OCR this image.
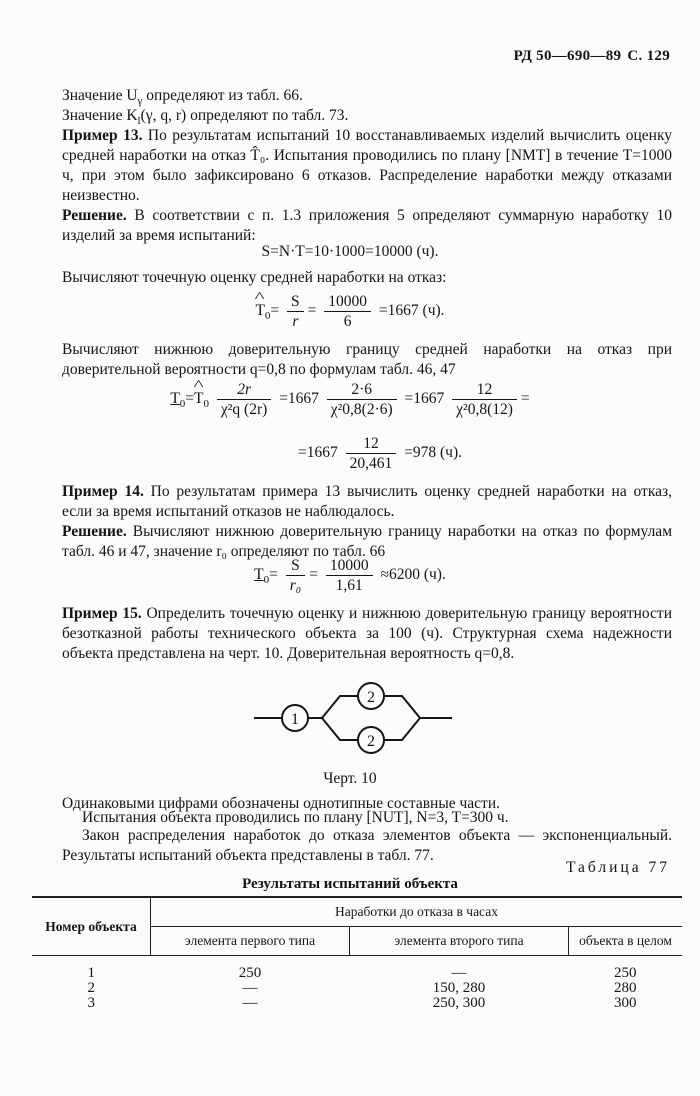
РД 50—690—89 С. 129
Значение $U_\gamma$ определяют из табл. 66.
Значение $K_l(\gamma$, q, r) определяют по табл. 73.
Пример 13. По результатам испытаний 10 восстанавливаемых изделий вычислить оценку средней наработки на отказ T̂₀. Испытания проводились по плану [NMT] в течение T=1000 ч, при этом было зафиксировано 6 отказов. Распределение наработки между отказами неизвестно.
Решение. В соответствии с п. 1.3 приложения 5 определяют суммарную наработку 10 изделий за время испытаний:
S=N·T=10·1000=10000 (ч).
Вычисляют точечную оценку средней наработки на отказ:
^ $T_0= \frac{S}{r} = \frac{10000}{6} =1667$ (ч).
Вычисляют нижнюю доверительную границу средней наработки на отказ при доверительной вероятности q=0,8 по формулам табл. 46, 47
$T_0=\^{}$ $T_0 \frac{2r}{\text{χ²q (2r)}} =1667 \frac{2\cdot 6}{\text{χ²0,8(2·6)}} =1667 \frac{12}{\text{χ²0,8(12)}}$ =
$=1667 \frac{12}{20,461} =978$ (ч).
Пример 14. По результатам примера 13 вычислить оценку средней наработки на отказ, если за время испытаний отказов не наблюдалось.
Решение. Вычисляют нижнюю доверительную границу наработки на отказ по формулам табл. 46 и 47, значение r₀ определяют по табл. 66
$T_0= \frac{S}{\text{r₀}} = \frac{10000}{1,61} \approx 6200$ (ч).
Пример 15. Определить точечную оценку и нижнюю доверительную границу вероятности безотказной работы технического объекта за 100 (ч). Структурная схема надежности объекта представлена на черт. 10. Доверительная вероятность q=0,8.
1
2
2
Черт. 10
Одинаковыми цифрами обозначены однотипные составные части.
Испытания объекта проводились по плану [NUT], N=3, T=300 ч.
Закон распределения наработок до отказа элементов объекта — экспоненциальный. Результаты испытаний объекта представлены в табл. 77.
Таблица 77
Результаты испытаний объекта
Номер объекта	Наработки до отказа в часах		
	элемента первого типа	элемента второго типа	объекта в целом
1	250	—	250
2	—	150, 280	280
3	—	250, 300	300
